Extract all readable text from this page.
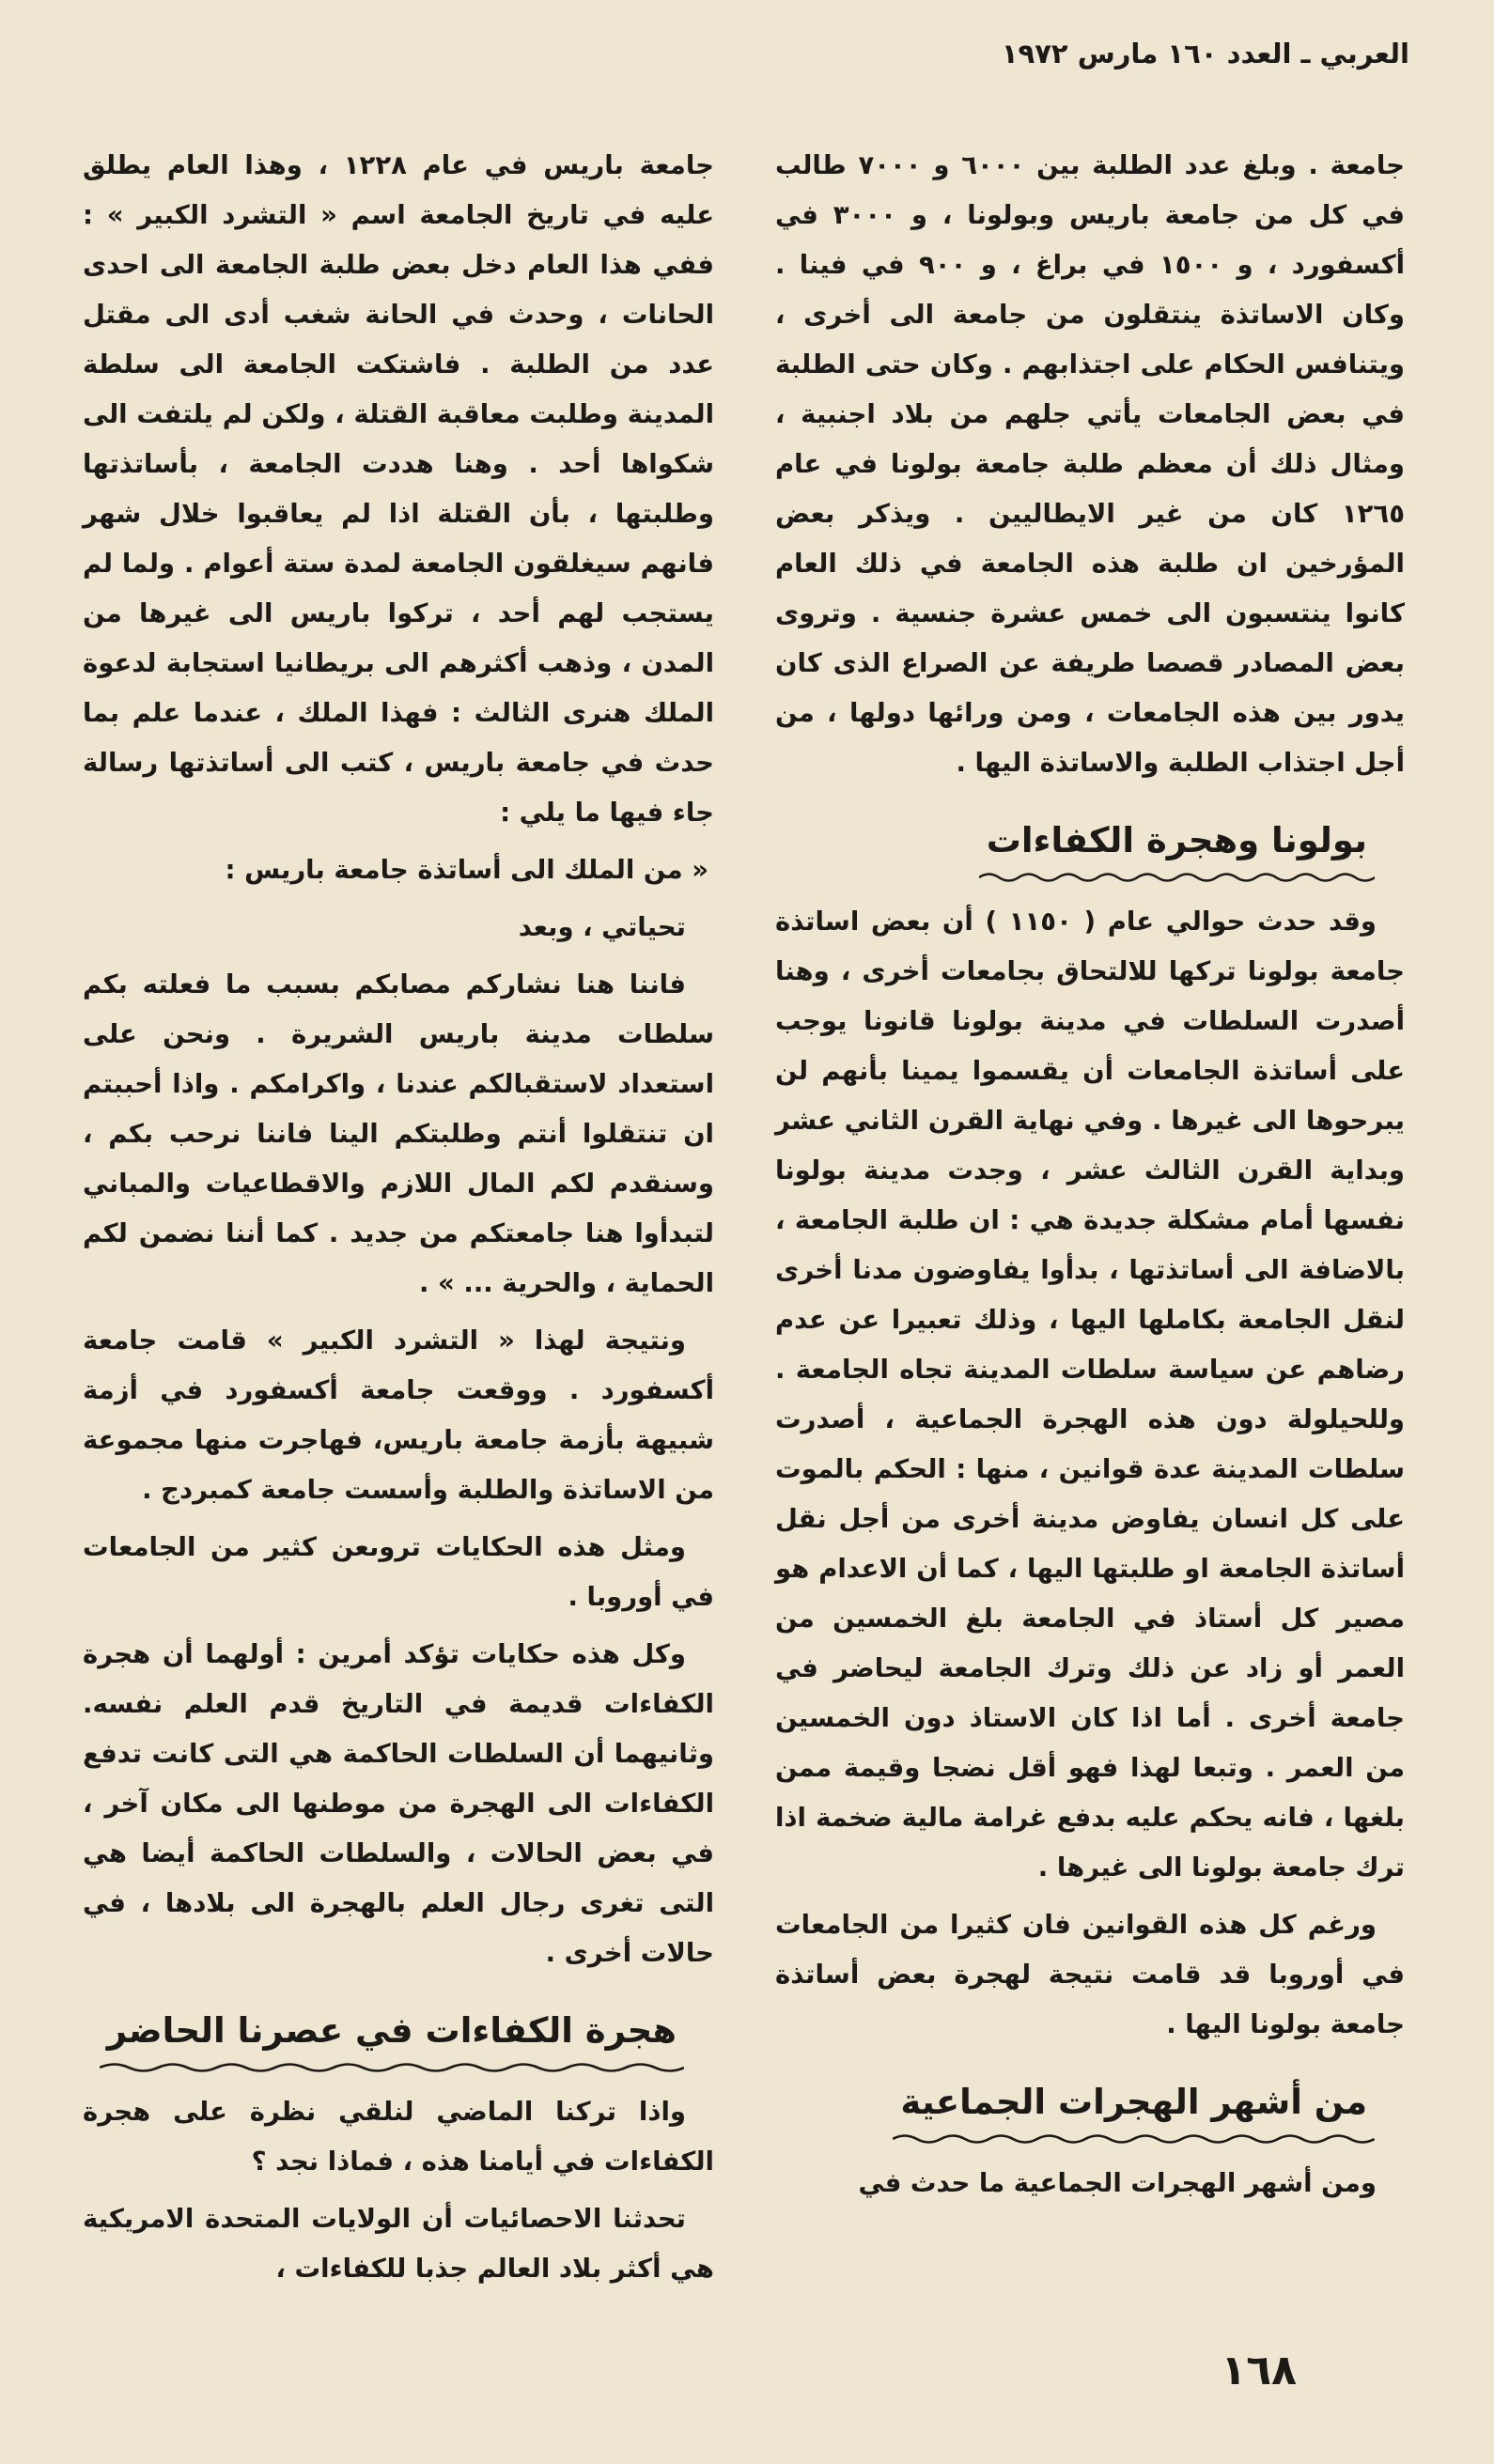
العربي ـ العدد ١٦٠ مارس ١٩٧٢

جامعة . وبلغ عدد الطلبة بين ٦٠٠٠ و ٧٠٠٠ طالب في كل من جامعة باريس وبولونا ، و ٣٠٠٠ في أكسفورد ، و ١٥٠٠ في براغ ، و ٩٠٠ في فينا . وكان الاساتذة ينتقلون من جامعة الى أخرى ، ويتنافس الحكام على اجتذابهم . وكان حتى الطلبة في بعض الجامعات يأتي جلهم من بلاد اجنبية ، ومثال ذلك أن معظم طلبة جامعة بولونا في عام ١٢٦٥ كان من غير الايطاليين . ويذكر بعض المؤرخين ان طلبة هذه الجامعة في ذلك العام كانوا ينتسبون الى خمس عشرة جنسية . وتروى بعض المصادر قصصا طريفة عن الصراع الذى كان يدور بين هذه الجامعات ، ومن ورائها دولها ، من أجل اجتذاب الطلبة والاساتذة اليها .

بولونا وهجرة الكفاءات

وقد حدث حوالي عام ( ١١٥٠ ) أن بعض اساتذة جامعة بولونا تركها للالتحاق بجامعات أخرى ، وهنا أصدرت السلطات في مدينة بولونا قانونا يوجب على أساتذة الجامعات أن يقسموا يمينا بأنهم لن يبرحوها الى غيرها . وفي نهاية القرن الثاني عشر وبداية القرن الثالث عشر ، وجدت مدينة بولونا نفسها أمام مشكلة جديدة هي : ان طلبة الجامعة ، بالاضافة الى أساتذتها ، بدأوا يفاوضون مدنا أخرى لنقل الجامعة بكاملها اليها ، وذلك تعبيرا عن عدم رضاهم عن سياسة سلطات المدينة تجاه الجامعة . وللحيلولة دون هذه الهجرة الجماعية ، أصدرت سلطات المدينة عدة قوانين ، منها : الحكم بالموت على كل انسان يفاوض مدينة أخرى من أجل نقل أساتذة الجامعة او طلبتها اليها ، كما أن الاعدام هو مصير كل أستاذ في الجامعة بلغ الخمسين من العمر أو زاد عن ذلك وترك الجامعة ليحاضر في جامعة أخرى . أما اذا كان الاستاذ دون الخمسين من العمر . وتبعا لهذا فهو أقل نضجا وقيمة ممن بلغها ، فانه يحكم عليه بدفع غرامة مالية ضخمة اذا ترك جامعة بولونا الى غيرها .

ورغم كل هذه القوانين فان كثيرا من الجامعات في أوروبا قد قامت نتيجة لهجرة بعض أساتذة جامعة بولونا اليها .

من أشهر الهجرات الجماعية

ومن أشهر الهجرات الجماعية ما حدث في

جامعة باريس في عام ١٢٢٨ ، وهذا العام يطلق عليه في تاريخ الجامعة اسم « التشرد الكبير » : ففي هذا العام دخل بعض طلبة الجامعة الى احدى الحانات ، وحدث في الحانة شغب أدى الى مقتل عدد من الطلبة . فاشتكت الجامعة الى سلطة المدينة وطلبت معاقبة القتلة ، ولكن لم يلتفت الى شكواها أحد . وهنا هددت الجامعة ، بأساتذتها وطلبتها ، بأن القتلة اذا لم يعاقبوا خلال شهر فانهم سيغلقون الجامعة لمدة ستة أعوام . ولما لم يستجب لهم أحد ، تركوا باريس الى غيرها من المدن ، وذهب أكثرهم الى بريطانيا استجابة لدعوة الملك هنرى الثالث : فهذا الملك ، عندما علم بما حدث في جامعة باريس ، كتب الى أساتذتها رسالة جاء فيها ما يلي :

« من الملك الى أساتذة جامعة باريس :

تحياتي ، وبعد

فاننا هنا نشاركم مصابكم بسبب ما فعلته بكم سلطات مدينة باريس الشريرة . ونحن على استعداد لاستقبالكم عندنا ، واكرامكم . واذا أحببتم ان تنتقلوا أنتم وطلبتكم الينا فاننا نرحب بكم ، وسنقدم لكم المال اللازم والاقطاعيات والمباني لتبدأوا هنا جامعتكم من جديد . كما أننا نضمن لكم الحماية ، والحرية ... » .

ونتيجة لهذا « التشرد الكبير » قامت جامعة أكسفورد . ووقعت جامعة أكسفورد في أزمة شبيهة بأزمة جامعة باريس، فهاجرت منها مجموعة من الاساتذة والطلبة وأسست جامعة كمبردج .

ومثل هذه الحكايات تروىعن كثير من الجامعات في أوروبا .

وكل هذه حكايات تؤكد أمرين : أولهما أن هجرة الكفاءات قديمة في التاريخ قدم العلم نفسه. وثانيهما أن السلطات الحاكمة هي التى كانت تدفع الكفاءات الى الهجرة من موطنها الى مكان آخر ، في بعض الحالات ، والسلطات الحاكمة أيضا هي التى تغرى رجال العلم بالهجرة الى بلادها ، في حالات أخرى .

هجرة الكفاءات في عصرنا الحاضر

واذا تركنا الماضي لنلقي نظرة على هجرة الكفاءات في أيامنا هذه ، فماذا نجد ؟

تحدثنا الاحصائيات أن الولايات المتحدة الامريكية هي أكثر بلاد العالم جذبا للكفاءات ،

١٦٨
